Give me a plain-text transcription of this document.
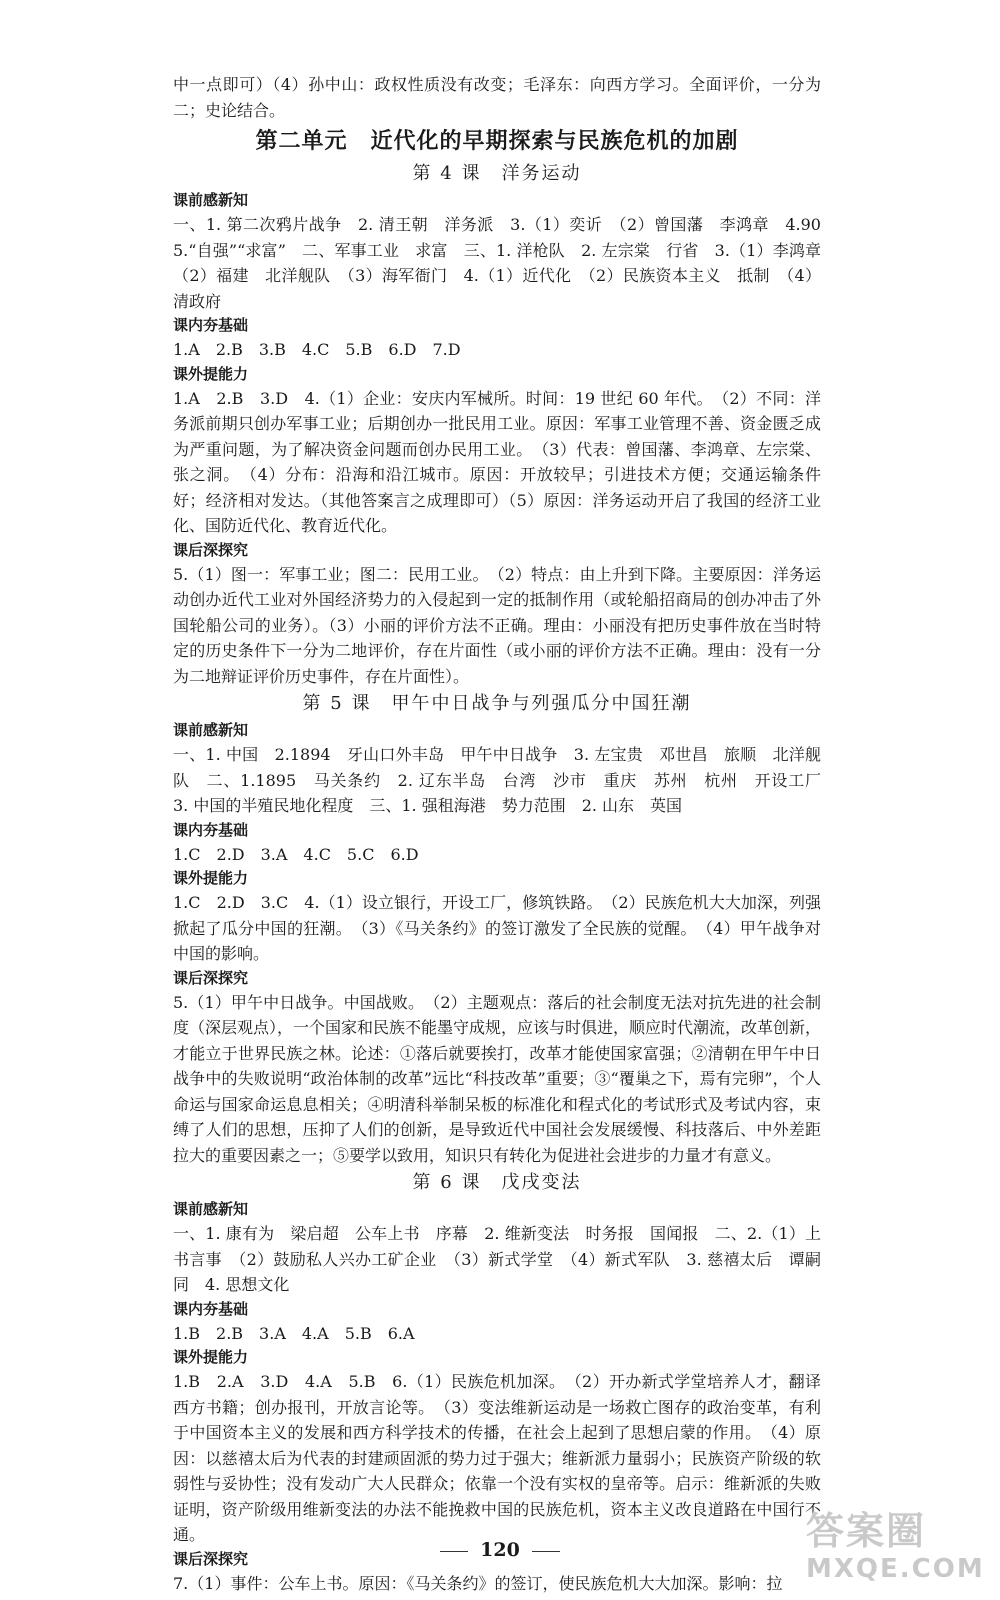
中一点即可）（4）孙中山：政权性质没有改变；毛泽东：向西方学习。全面评价，一分为二；史论结合。

第二单元　近代化的早期探索与民族危机的加剧
第 4 课　洋务运动
课前感新知

一、1. 第二次鸦片战争　2. 清王朝　洋务派　3.（1）奕䜣　（2）曾国藩　李鸿章　4.90　5.“自强”“求富”　二、军事工业　求富　三、1. 洋枪队　2. 左宗棠　行省　3.（1）李鸿章　（2）福建　北洋舰队　（3）海军衙门　4.（1）近代化　（2）民族资本主义　抵制　（4）清政府

课内夯基础

1.A　2.B　3.B　4.C　5.B　6.D　7.D

课外提能力

1.A　2.B　3.D　4.（1）企业：安庆内军械所。时间：19 世纪 60 年代。　（2）不同：洋务派前期只创办军事工业；后期创办一批民用工业。原因：军事工业管理不善、资金匮乏成为严重问题，为了解决资金问题而创办民用工业。　（3）代表：曾国藩、李鸿章、左宗棠、张之洞。　（4）分布：沿海和沿江城市。原因：开放较早；引进技术方便；交通运输条件好；经济相对发达。（其他答案言之成理即可）（5）原因：洋务运动开启了我国的经济工业化、国防近代化、教育近代化。

课后深探究

5.（1）图一：军事工业；图二：民用工业。　（2）特点：由上升到下降。主要原因：洋务运动创办近代工业对外国经济势力的入侵起到一定的抵制作用（或轮船招商局的创办冲击了外国轮船公司的业务）。（3）小丽的评价方法不正确。理由：小丽没有把历史事件放在当时特定的历史条件下一分为二地评价，存在片面性（或小丽的评价方法不正确。理由：没有一分为二地辩证评价历史事件，存在片面性）。

第 5 课　甲午中日战争与列强瓜分中国狂潮
课前感新知

一、1. 中国　2.1894　牙山口外丰岛　甲午中日战争　3. 左宝贵　邓世昌　旅顺　北洋舰队　二、1.1895　马关条约　2. 辽东半岛　台湾　沙市　重庆　苏州　杭州　开设工厂　3. 中国的半殖民地化程度　三、1. 强租海港　势力范围　2. 山东　英国

课内夯基础

1.C　2.D　3.A　4.C　5.C　6.D

课外提能力

1.C　2.D　3.C　4.（1）设立银行，开设工厂，修筑铁路。　（2）民族危机大大加深，列强掀起了瓜分中国的狂潮。　（3）《马关条约》的签订激发了全民族的觉醒。　（4）甲午战争对中国的影响。

课后深探究

5.（1）甲午中日战争。中国战败。　（2）主题观点：落后的社会制度无法对抗先进的社会制度（深层观点），一个国家和民族不能墨守成规，应该与时俱进，顺应时代潮流，改革创新，才能立于世界民族之林。论述：①落后就要挨打，改革才能使国家富强；②清朝在甲午中日战争中的失败说明“政治体制的改革”远比“科技改革”重要；③“覆巢之下，焉有完卵”，个人命运与国家命运息息相关；④明清科举制呆板的标准化和程式化的考试形式及考试内容，束缚了人们的思想，压抑了人们的创新，是导致近代中国社会发展缓慢、科技落后、中外差距拉大的重要因素之一；⑤要学以致用，知识只有转化为促进社会进步的力量才有意义。

第 6 课　戊戌变法
课前感新知

一、1. 康有为　梁启超　公车上书　序幕　2. 维新变法　时务报　国闻报　二、2.（1）上书言事　（2）鼓励私人兴办工矿企业　（3）新式学堂　（4）新式军队　3. 慈禧太后　谭嗣同　4. 思想文化

课内夯基础

1.B　2.B　3.A　4.A　5.B　6.A

课外提能力

1.B　2.A　3.D　4.A　5.B　6.（1）民族危机加深。　（2）开办新式学堂培养人才，翻译西方书籍；创办报刊，开放言论等。　（3）变法维新运动是一场救亡图存的政治变革，有利于中国资本主义的发展和西方科学技术的传播，在社会上起到了思想启蒙的作用。　（4）原因：以慈禧太后为代表的封建顽固派的势力过于强大；维新派力量弱小；民族资产阶级的软弱性与妥协性；没有发动广大人民群众；依靠一个没有实权的皇帝等。启示：维新派的失败证明，资产阶级用维新变法的办法不能挽救中国的民族危机，资本主义改良道路在中国行不通。

课后深探究

7.（1）事件：公车上书。原因：《马关条约》的签订，使民族危机大大加深。影响：拉

120	答案圈
MXQE.COM
